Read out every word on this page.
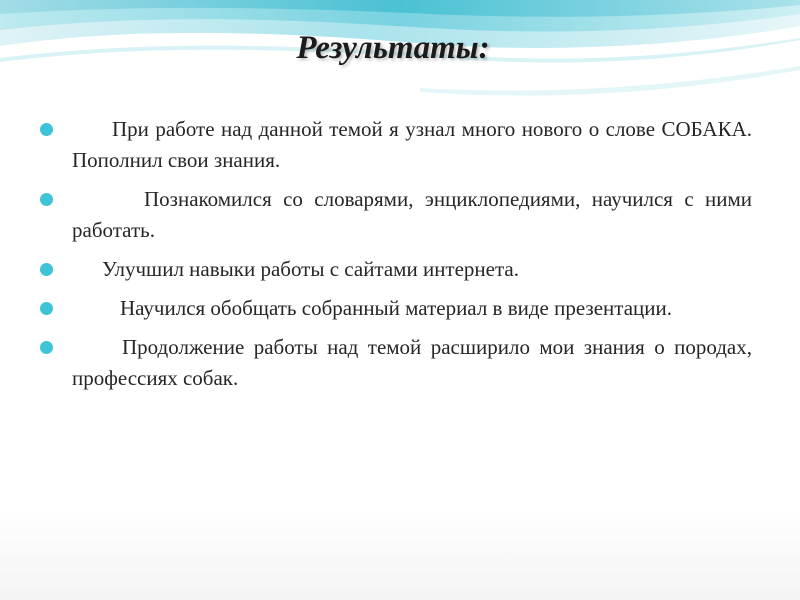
Результаты:
При работе над данной темой я узнал много нового о слове СОБАКА. Пополнил свои знания.
Познакомился со словарями, энциклопедиями, научился с ними работать.
Улучшил навыки работы с сайтами интернета.
Научился обобщать собранный материал в виде презентации.
Продолжение работы над темой расширило мои знания о породах, профессиях собак.
